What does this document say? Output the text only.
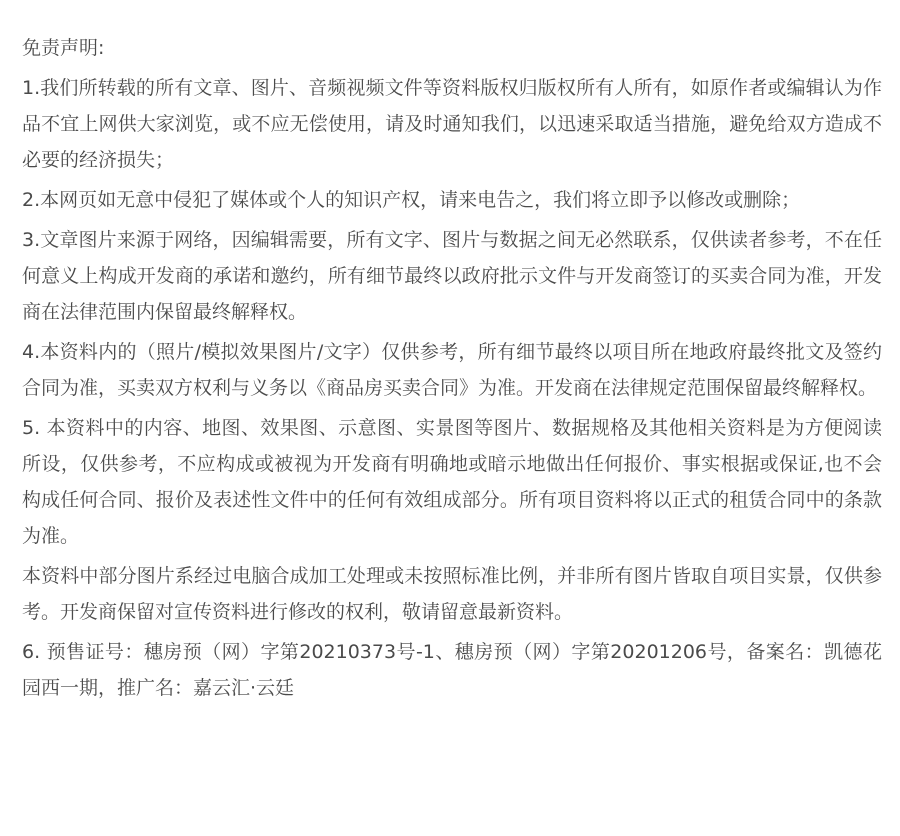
免责声明:

1.我们所转载的所有文章、图片、音频视频文件等资料版权归版权所有人所有，如原作者或编辑认为作品不宜上网供大家浏览，或不应无偿使用，请及时通知我们，以迅速采取适当措施，避免给双方造成不必要的经济损失；

2.本网页如无意中侵犯了媒体或个人的知识产权，请来电告之，我们将立即予以修改或删除；

3.文章图片来源于网络，因编辑需要，所有文字、图片与数据之间无必然联系，仅供读者参考，不在任何意义上构成开发商的承诺和邀约，所有细节最终以政府批示文件与开发商签订的买卖合同为准，开发商在法律范围内保留最终解释权。

4.本资料内的（照片/模拟效果图片/文字）仅供参考，所有细节最终以项目所在地政府最终批文及签约合同为准，买卖双方权利与义务以《商品房买卖合同》为准。开发商在法律规定范围保留最终解释权。

5. 本资料中的内容、地图、效果图、示意图、实景图等图片、数据规格及其他相关资料是为方便阅读所设，仅供参考，不应构成或被视为开发商有明确地或暗示地做出任何报价、事实根据或保证,也不会构成任何合同、报价及表述性文件中的任何有效组成部分。所有项目资料将以正式的租赁合同中的条款为准。

本资料中部分图片系经过电脑合成加工处理或未按照标准比例，并非所有图片皆取自项目实景，仅供参考。开发商保留对宣传资料进行修改的权利，敬请留意最新资料。

6. 预售证号：穗房预（网）字第20210373号-1、穗房预（网）字第20201206号，备案名：凯德花园西一期，推广名：嘉云汇·云廷
